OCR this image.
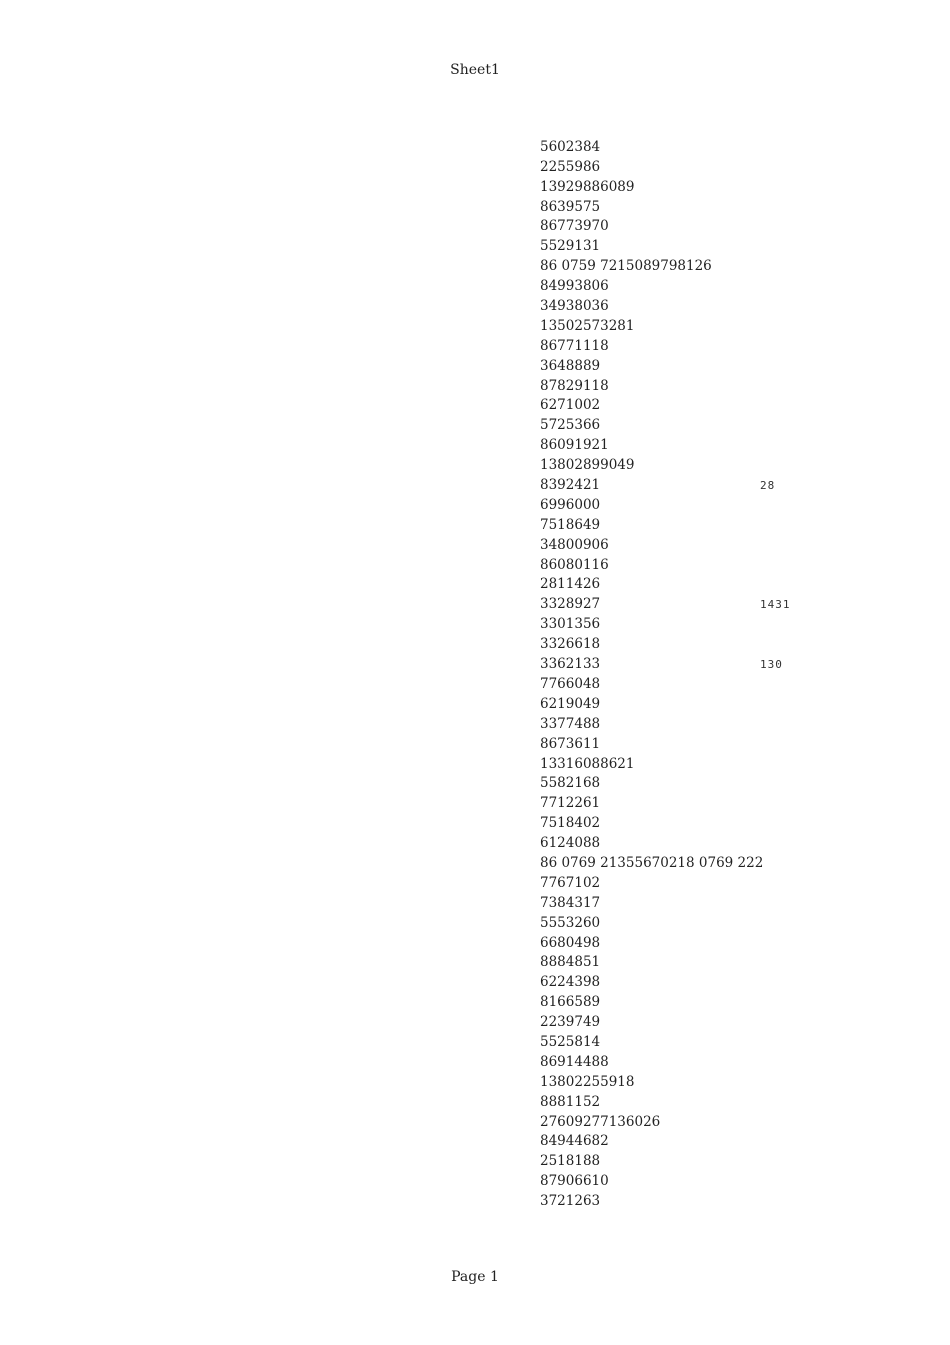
Sheet1
5602384
2255986
13929886089
8639575
86773970
5529131
86 0759 7215089798126
84993806
34938036
13502573281
86771118
3648889
87829118
6271002
5725366
86091921
13802899049
8392421	28
6996000
7518649
34800906
86080116
2811426
3328927	1431
3301356
3326618
3362133	130
7766048
6219049
3377488
8673611
13316088621
5582168
7712261
7518402
6124088
86 0769 21355670218 0769 222
7767102
7384317
5553260
6680498
8884851
6224398
8166589
2239749
5525814
86914488
13802255918
8881152
27609277136026
84944682
2518188
87906610
3721263
Page 1
